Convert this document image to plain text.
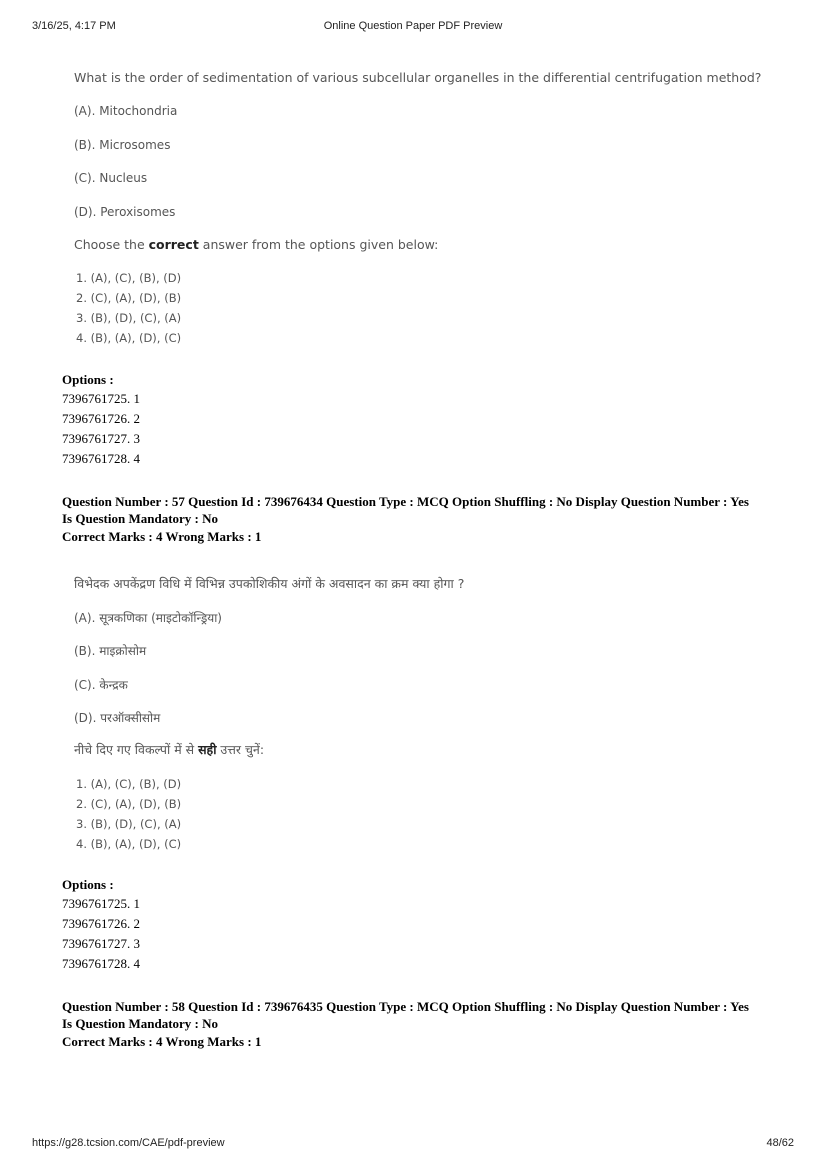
3/16/25, 4:17 PM	Online Question Paper PDF Preview
What is the order of sedimentation of various subcellular organelles in the differential centrifugation method?
(A). Mitochondria
(B). Microsomes
(C). Nucleus
(D). Peroxisomes
Choose the correct answer from the options given below:
1. (A), (C), (B), (D)
2. (C), (A), (D), (B)
3. (B), (D), (C), (A)
4. (B), (A), (D), (C)
Options :
7396761725. 1
7396761726. 2
7396761727. 3
7396761728. 4
Question Number : 57 Question Id : 739676434 Question Type : MCQ Option Shuffling : No Display Question Number : Yes
Is Question Mandatory : No
Correct Marks : 4 Wrong Marks : 1
विभेदक अपकेंद्रण विधि में विभिन्न उपकोशिकीय अंगों के अवसादन का क्रम क्या होगा ?
(A). सूत्रकणिका (माइटोकॉन्ड्रिया)
(B). माइक्रोसोम
(C). केन्द्रक
(D). परऑक्सीसोम
नीचे दिए गए विकल्पों में से सही उत्तर चुनें:
1. (A), (C), (B), (D)
2. (C), (A), (D), (B)
3. (B), (D), (C), (A)
4. (B), (A), (D), (C)
Options :
7396761725. 1
7396761726. 2
7396761727. 3
7396761728. 4
Question Number : 58 Question Id : 739676435 Question Type : MCQ Option Shuffling : No Display Question Number : Yes
Is Question Mandatory : No
Correct Marks : 4 Wrong Marks : 1
https://g28.tcsion.com/CAE/pdf-preview	48/62
